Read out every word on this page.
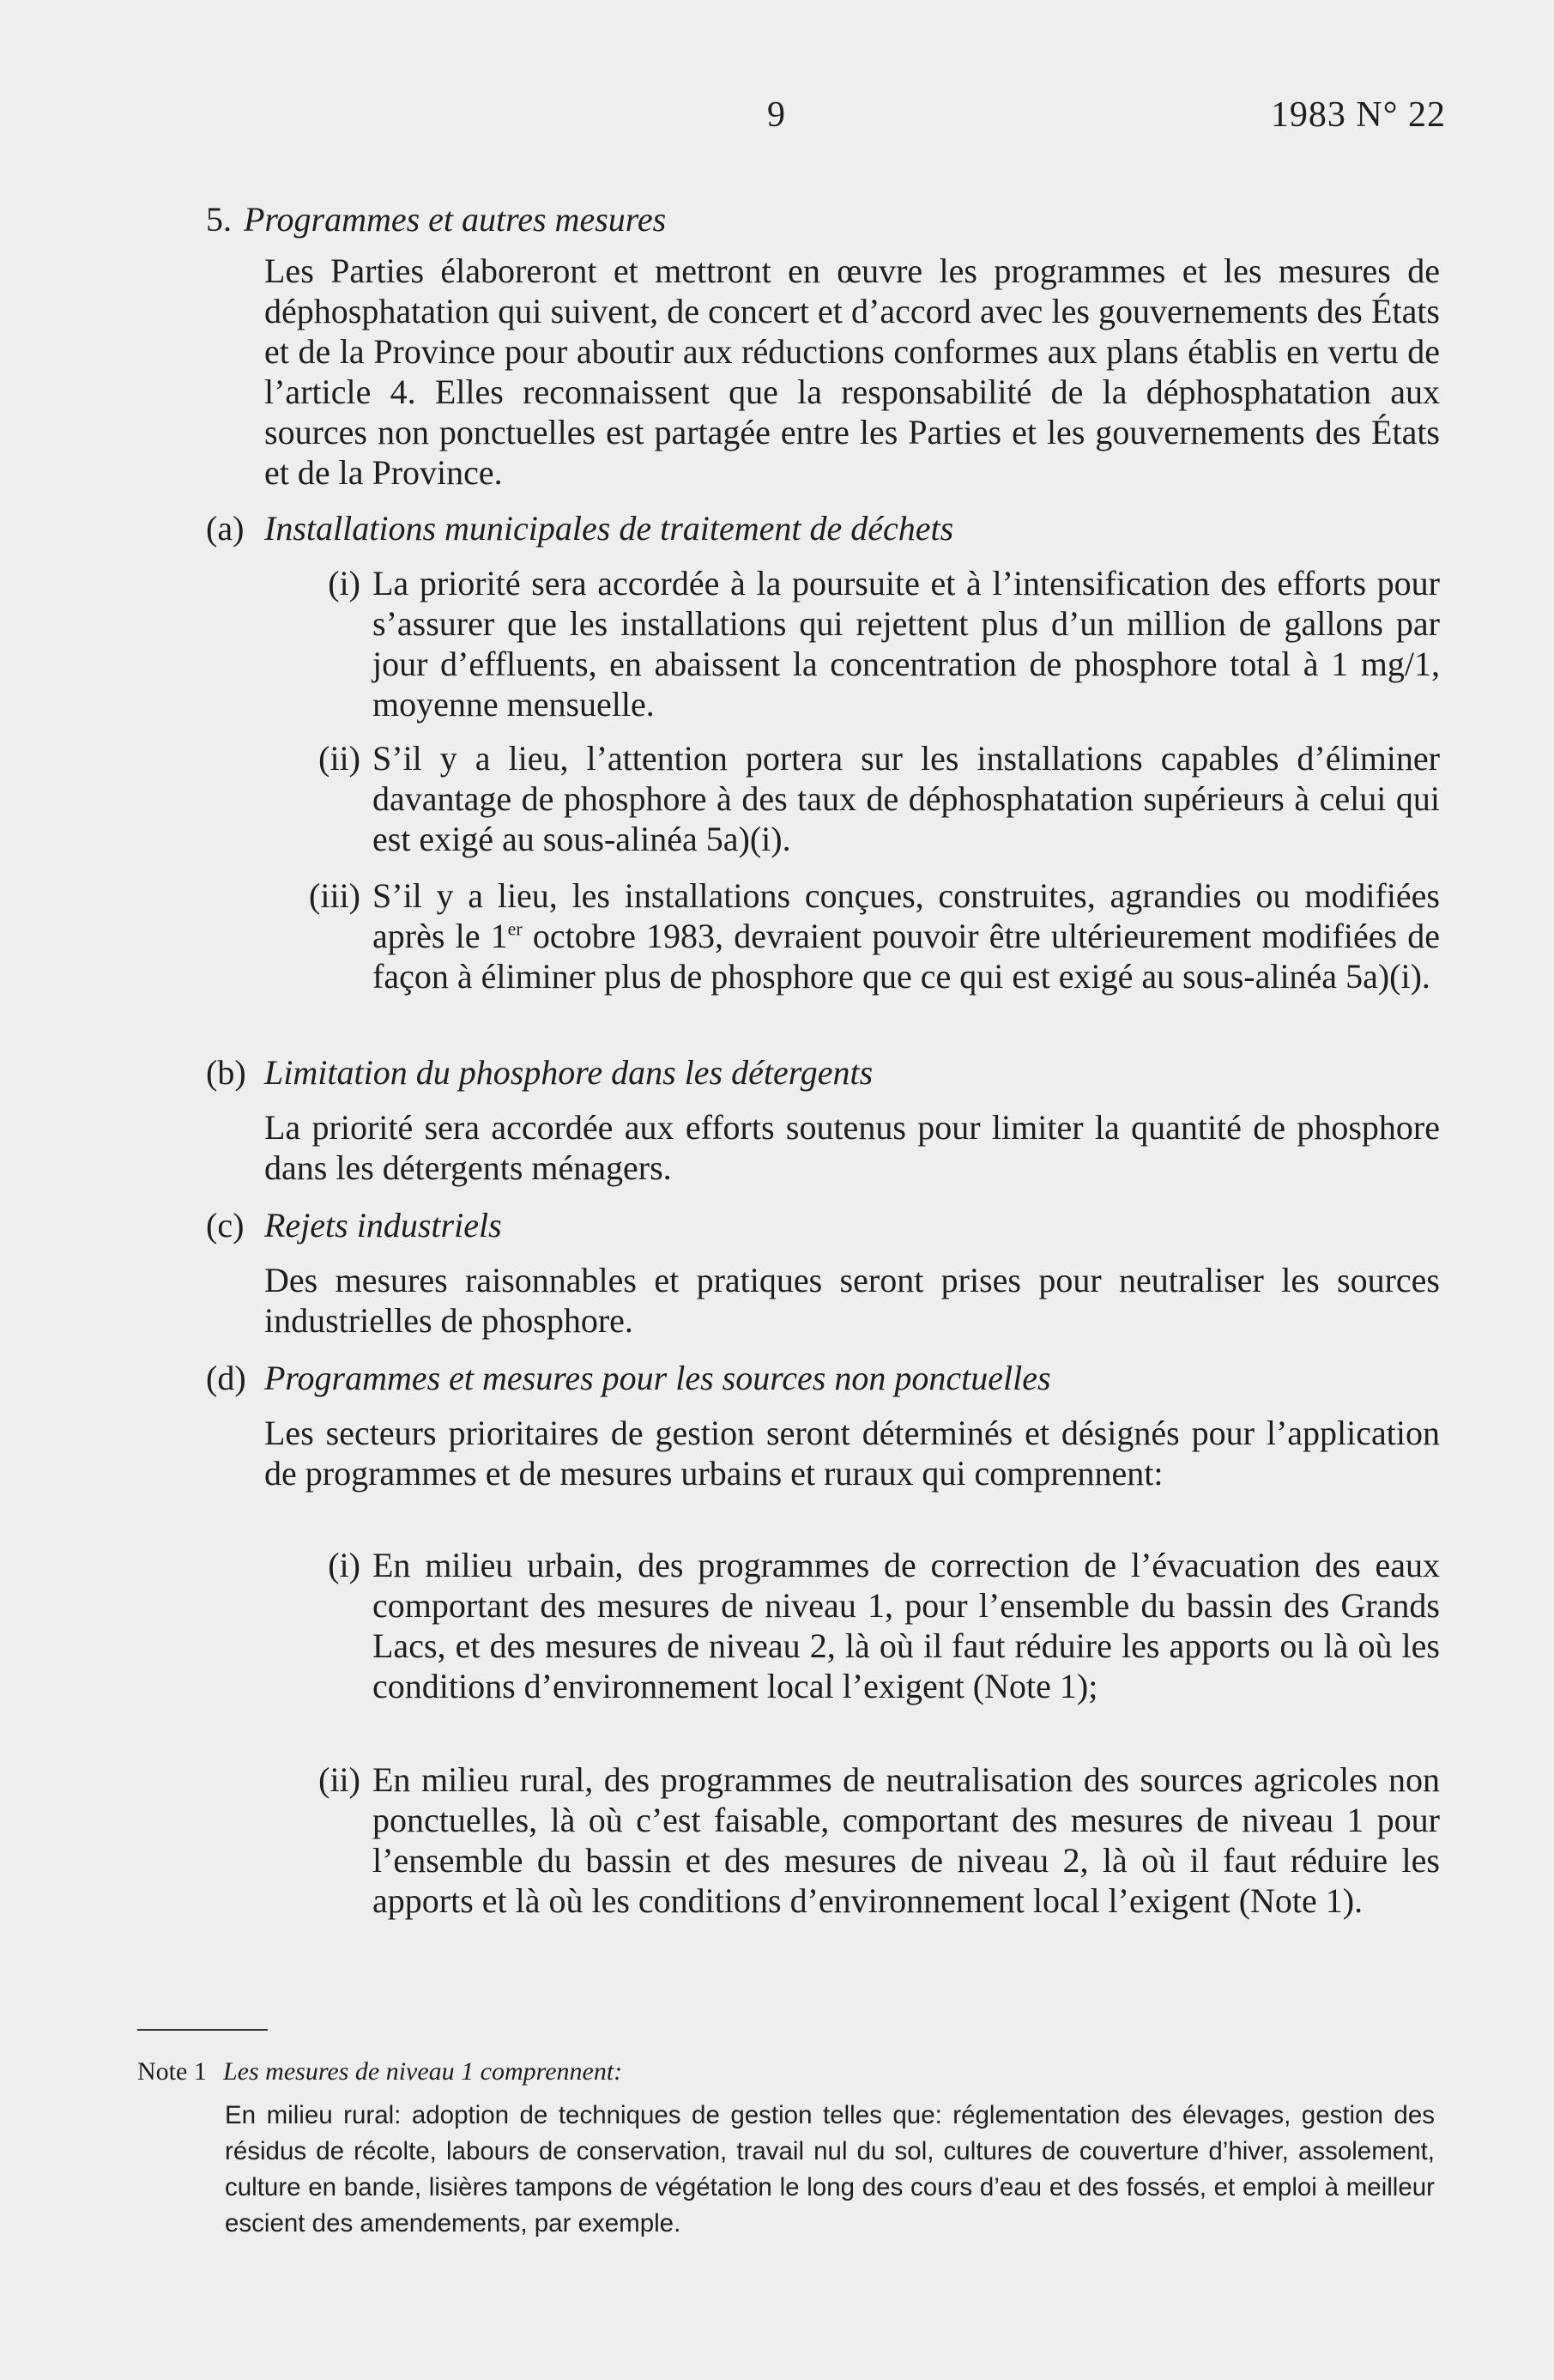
9	1983 N° 22
5. Programmes et autres mesures
Les Parties élaboreront et mettront en œuvre les programmes et les mesures de déphosphatation qui suivent, de concert et d’accord avec les gouvernements des États et de la Province pour aboutir aux réductions conformes aux plans établis en vertu de l’article 4. Elles reconnaissent que la responsabilité de la déphosphatation aux sources non ponctuelles est partagée entre les Parties et les gouvernements des États et de la Province.
(a) Installations municipales de traitement de déchets
(i) La priorité sera accordée à la poursuite et à l’intensification des efforts pour s’assurer que les installations qui rejettent plus d’un million de gallons par jour d’effluents, en abaissent la concentration de phosphore total à 1 mg/1, moyenne mensuelle.
(ii) S’il y a lieu, l’attention portera sur les installations capables d’éliminer davantage de phosphore à des taux de déphosphatation supérieurs à celui qui est exigé au sous-alinéa 5a)(i).
(iii) S’il y a lieu, les installations conçues, construites, agrandies ou modifiées après le 1er octobre 1983, devraient pouvoir être ultérieurement modifiées de façon à éliminer plus de phosphore que ce qui est exigé au sous-alinéa 5a)(i).
(b) Limitation du phosphore dans les détergents
La priorité sera accordée aux efforts soutenus pour limiter la quantité de phosphore dans les détergents ménagers.
(c) Rejets industriels
Des mesures raisonnables et pratiques seront prises pour neutraliser les sources industrielles de phosphore.
(d) Programmes et mesures pour les sources non ponctuelles
Les secteurs prioritaires de gestion seront déterminés et désignés pour l’application de programmes et de mesures urbains et ruraux qui comprennent:
(i) En milieu urbain, des programmes de correction de l’évacuation des eaux comportant des mesures de niveau 1, pour l’ensemble du bassin des Grands Lacs, et des mesures de niveau 2, là où il faut réduire les apports ou là où les conditions d’environnement local l’exigent (Note 1);
(ii) En milieu rural, des programmes de neutralisation des sources agricoles non ponctuelles, là où c’est faisable, comportant des mesures de niveau 1 pour l’ensemble du bassin et des mesures de niveau 2, là où il faut réduire les apports et là où les conditions d’environnement local l’exigent (Note 1).
Note 1 Les mesures de niveau 1 comprennent:
En milieu rural: adoption de techniques de gestion telles que: réglementation des élevages, gestion des résidus de récolte, labours de conservation, travail nul du sol, cultures de couverture d’hiver, assolement, culture en bande, lisières tampons de végétation le long des cours d’eau et des fossés, et emploi à meilleur escient des amendements, par exemple.
